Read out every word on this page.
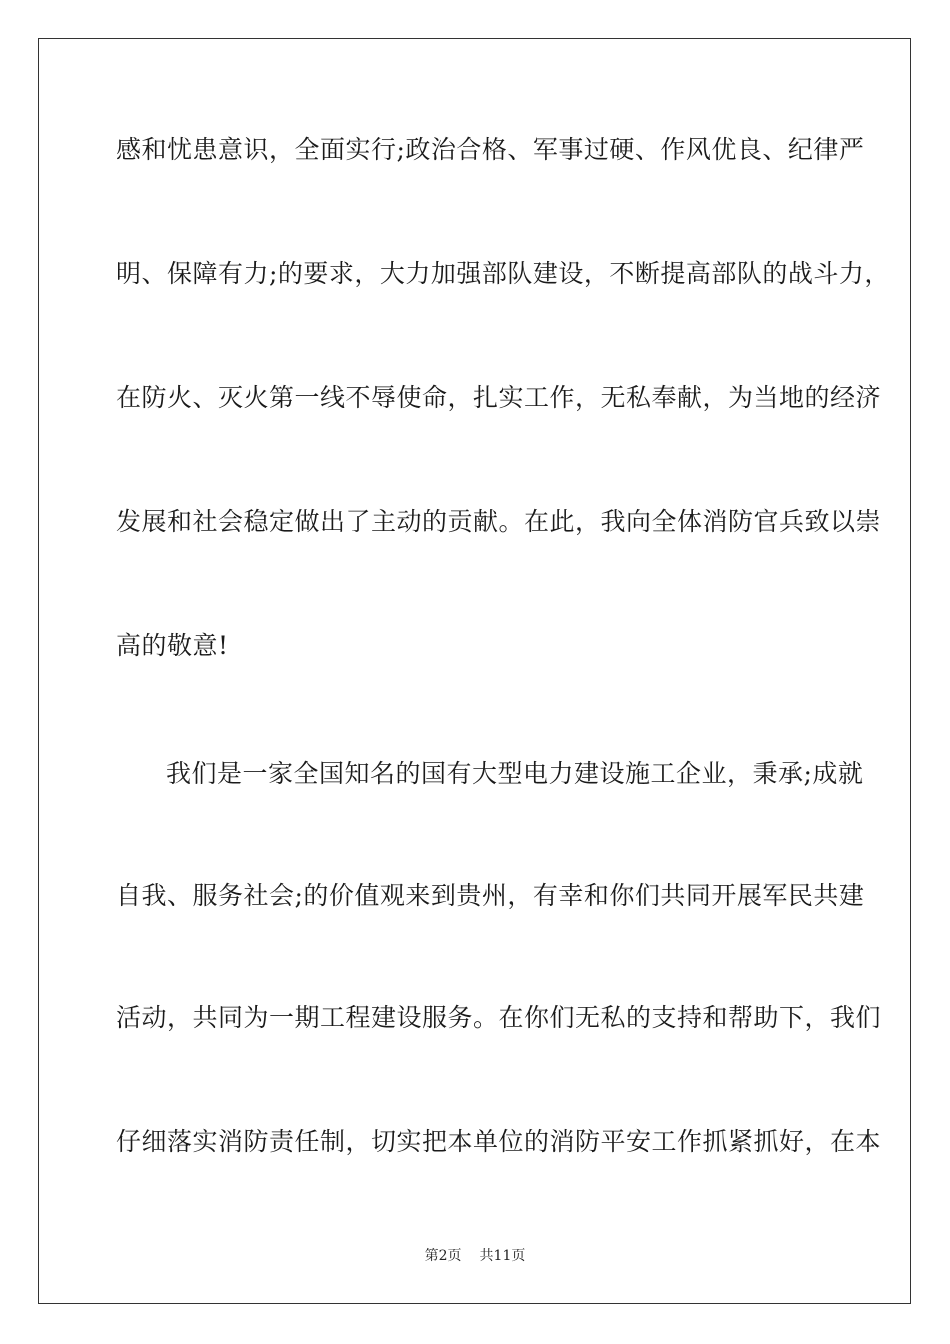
感和忧患意识，全面实行;政治合格、军事过硬、作风优良、纪律严
明、保障有力;的要求，大力加强部队建设，不断提高部队的战斗力，
在防火、灭火第一线不辱使命，扎实工作，无私奉献，为当地的经济
发展和社会稳定做出了主动的贡献。在此，我向全体消防官兵致以崇
高的敬意!
我们是一家全国知名的国有大型电力建设施工企业，秉承;成就
自我、服务社会;的价值观来到贵州，有幸和你们共同开展军民共建
活动，共同为一期工程建设服务。在你们无私的支持和帮助下，我们
仔细落实消防责任制，切实把本单位的消防平安工作抓紧抓好，在本
第2页 共11页
